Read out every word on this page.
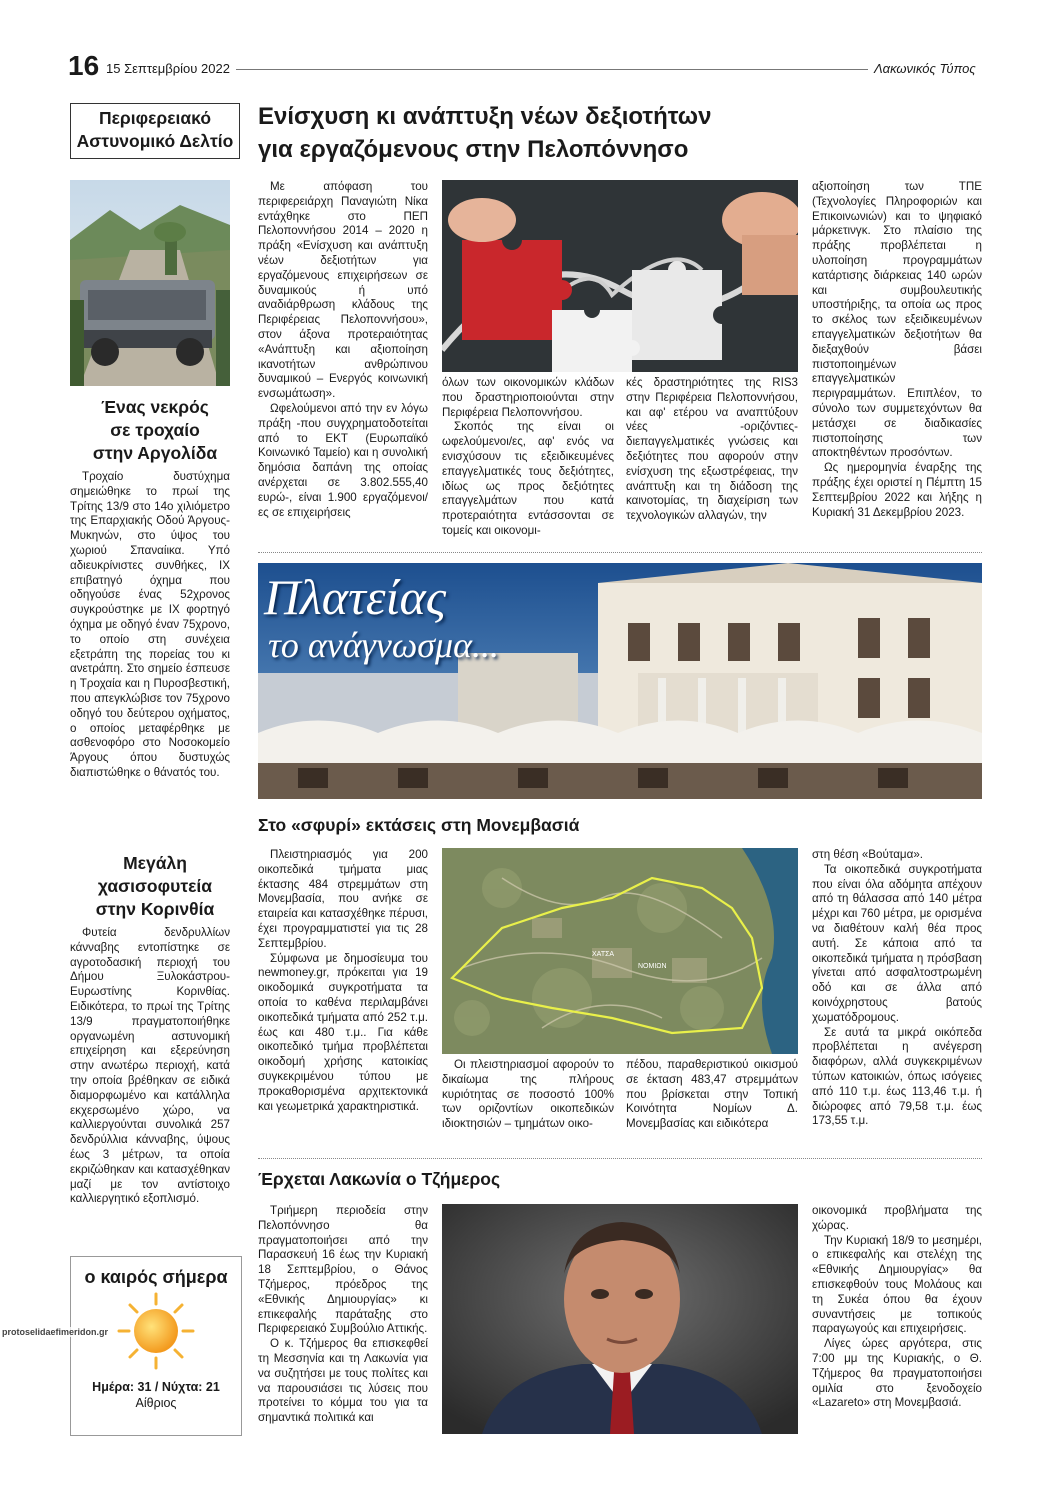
16 15 Σεπτεμβρίου 2022	Λακωνικός Τύπος
Περιφερειακό
Αστυνομικό Δελτίο
Ένας νεκρός
σε τροχαίο
στην Αργολίδα

Τροχαίο δυστύχημα σημειώθηκε το πρωί της Τρίτης 13/9 στο 14ο χιλιόμετρο της Επαρχιακής Οδού Άργους-Μυκηνών, στο ύψος του χωριού Σπαναίικα. Υπό αδιευκρίνιστες συνθήκες, ΙΧ επιβατηγό όχημα που οδηγούσε ένας 52χρονος συγκρούστηκε με ΙΧ φορτηγό όχημα με οδηγό έναν 75χρονο, το οποίο στη συνέχεια εξετράπη της πορείας του κι ανετράπη. Στο σημείο έσπευσε η Τροχαία και η Πυροσβεστική, που απεγκλώβισε τον 75χρονο οδηγό του δεύτερου οχήματος, ο οποίος μεταφέρθηκε με ασθενοφόρο στο Νοσοκομείο Άργους όπου δυστυχώς διαπιστώθηκε ο θάνατός του.

Μεγάλη
χασισοφυτεία
στην Κορινθία

Φυτεία δενδρυλλίων κάνναβης εντοπίστηκε σε αγροτοδασική περιοχή του Δήμου Ξυλοκάστρου-Ευρωστίνης Κορινθίας. Ειδικότερα, το πρωί της Τρίτης 13/9 πραγματοποιήθηκε οργανωμένη αστυνομική επιχείρηση και εξερεύνηση στην ανωτέρω περιοχή, κατά την οποία βρέθηκαν σε ειδικά διαμορφωμένο και κατάλληλα εκχερσωμένο χώρο, να καλλιεργούνται συνολικά 257 δενδρύλλια κάνναβης, ύψους έως 3 μέτρων, τα οποία εκριζώθηκαν και κατασχέθηκαν μαζί με τον αντίστοιχο καλλιεργητικό εξοπλισμό.

ο καιρός σήμερα
Ημέρα: 31 / Νύχτα: 21
Αίθριος
protoselidaefimeridon.gr
Ενίσχυση κι ανάπτυξη νέων δεξιοτήτων
για εργαζόμενους στην Πελοπόννησο

Με απόφαση του περιφερειάρχη Παναγιώτη Νίκα εντάχθηκε στο ΠΕΠ Πελοποννήσου 2014 – 2020 η πράξη «Ενίσχυση και ανάπτυξη νέων δεξιοτήτων για εργαζόμενους επιχειρήσεων σε δυναμικούς ή υπό αναδιάρθρωση κλάδους της Περιφέρειας Πελοποννήσου», στον άξονα προτεραιότητας «Ανάπτυξη και αξιοποίηση ικανοτήτων ανθρώπινου δυναμικού – Ενεργός κοινωνική ενσωμάτωση».

Ωφελούμενοι από την εν λόγω πράξη -που συγχρηματοδοτείται από το ΕΚΤ (Ευρωπαϊκό Κοινωνικό Ταμείο) και η συνολική δημόσια δαπάνη της οποίας ανέρχεται σε 3.802.555,40 ευρώ-, είναι 1.900 εργαζόμενοι/ες σε επιχειρήσεις

όλων των οικονομικών κλάδων που δραστηριοποιούνται στην Περιφέρεια Πελοποννήσου.

Σκοπός της είναι οι ωφελούμενοι/ες, αφ' ενός να ενισχύσουν τις εξειδικευμένες επαγγελματικές τους δεξιότητες, ιδίως ως προς δεξιότητες επαγγελμάτων που κατά προτεραιότητα εντάσσονται σε τομείς και οικονομι-

κές δραστηριότητες της RIS3 στην Περιφέρεια Πελοποννήσου, και αφ' ετέρου να αναπτύξουν νέες -οριζόντιες- διεπαγγελματικές γνώσεις και δεξιότητες που αφορούν στην ενίσχυση της εξωστρέφειας, την ανάπτυξη και τη διάδοση της καινοτομίας, τη διαχείριση των τεχνολογικών αλλαγών, την

αξιοποίηση των ΤΠΕ (Τεχνολογίες Πληροφοριών και Επικοινωνιών) και το ψηφιακό μάρκετινγκ. Στο πλαίσιο της πράξης προβλέπεται η υλοποίηση προγραμμάτων κατάρτισης διάρκειας 140 ωρών και συμβουλευτικής υποστήριξης, τα οποία ως προς το σκέλος των εξειδικευμένων επαγγελματικών δεξιοτήτων θα διεξαχθούν βάσει πιστοποιημένων επαγγελματικών περιγραμμάτων. Επιπλέον, το σύνολο των συμμετεχόντων θα μετάσχει σε διαδικασίες πιστοποίησης των αποκτηθέντων προσόντων.

Ως ημερομηνία έναρξης της πράξης έχει οριστεί η Πέμπτη 15 Σεπτεμβρίου 2022 και λήξης η Κυριακή 31 Δεκεμβρίου 2023.

Πλατείας
το ανάγνωσμα...
Στο «σφυρί» εκτάσεις στη Μονεμβασιά

Πλειστηριασμός για 200 οικοπεδικά τμήματα μιας έκτασης 484 στρεμμάτων στη Μονεμβασία, που ανήκε σε εταιρεία και κατασχέθηκε πέρυσι, έχει προγραμματιστεί για τις 28 Σεπτεμβρίου.

Σύμφωνα με δημοσίευμα του newmoney.gr, πρόκειται για 19 οικοδομικά συγκροτήματα τα οποία το καθένα περιλαμβάνει οικοπεδικά τμήματα από 252 τ.μ. έως και 480 τ.μ.. Για κάθε οικοπεδικό τμήμα προβλέπεται οικοδομή χρήσης κατοικίας συγκεκριμένου τύπου με προκαθορισμένα αρχιτεκτονικά και γεωμετρικά χαρακτηριστικά.

ΧΑΤΣΑ
ΝΟΜΙΩΝ

Οι πλειστηριασμοί αφορούν το δικαίωμα της πλήρους κυριότητας σε ποσοστό 100% των οριζοντίων οικοπεδικών ιδιοκτησιών – τμημάτων οικο-

πέδου, παραθεριστικού οικισμού σε έκταση 483,47 στρεμμάτων που βρίσκεται στην Τοπική Κοινότητα Νομίων Δ. Μονεμβασίας και ειδικότερα

στη θέση «Βούταμα».

Τα οικοπεδικά συγκροτήματα που είναι όλα αδόμητα απέχουν από τη θάλασσα από 140 μέτρα μέχρι και 760 μέτρα, με ορισμένα να διαθέτουν καλή θέα προς αυτή. Σε κάποια από τα οικοπεδικά τμήματα η πρόσβαση γίνεται από ασφαλτοστρωμένη οδό και σε άλλα από κοινόχρηστους βατούς χωματόδρομους.

Σε αυτά τα μικρά οικόπεδα προβλέπεται η ανέγερση διαφόρων, αλλά συγκεκριμένων τύπων κατοικιών, όπως ισόγειες από 110 τ.μ. έως 113,46 τ.μ. ή διώροφες από 79,58 τ.μ. έως 173,55 τ.μ.

Έρχεται Λακωνία ο Τζήμερος

Τριήμερη περιοδεία στην Πελοπόννησο θα πραγματοποιήσει από την Παρασκευή 16 έως την Κυριακή 18 Σεπτεμβρίου, ο Θάνος Τζήμερος, πρόεδρος της «Εθνικής Δημιουργίας» κι επικεφαλής παράταξης στο Περιφερειακό Συμβούλιο Αττικής.

Ο κ. Τζήμερος θα επισκεφθεί τη Μεσσηνία και τη Λακωνία για να συζητήσει με τους πολίτες και να παρουσιάσει τις λύσεις που προτείνει το κόμμα του για τα σημαντικά πολιτικά και

οικονομικά προβλήματα της χώρας.

Την Κυριακή 18/9 το μεσημέρι, ο επικεφαλής και στελέχη της «Εθνικής Δημιουργίας» θα επισκεφθούν τους Μολάους και τη Συκέα όπου θα έχουν συναντήσεις με τοπικούς παραγωγούς και επιχειρήσεις.

Λίγες ώρες αργότερα, στις 7:00 μμ της Κυριακής, ο Θ. Τζήμερος θα πραγματοποιήσει ομιλία στο ξενοδοχείο «Lazareto» στη Μονεμβασιά.
